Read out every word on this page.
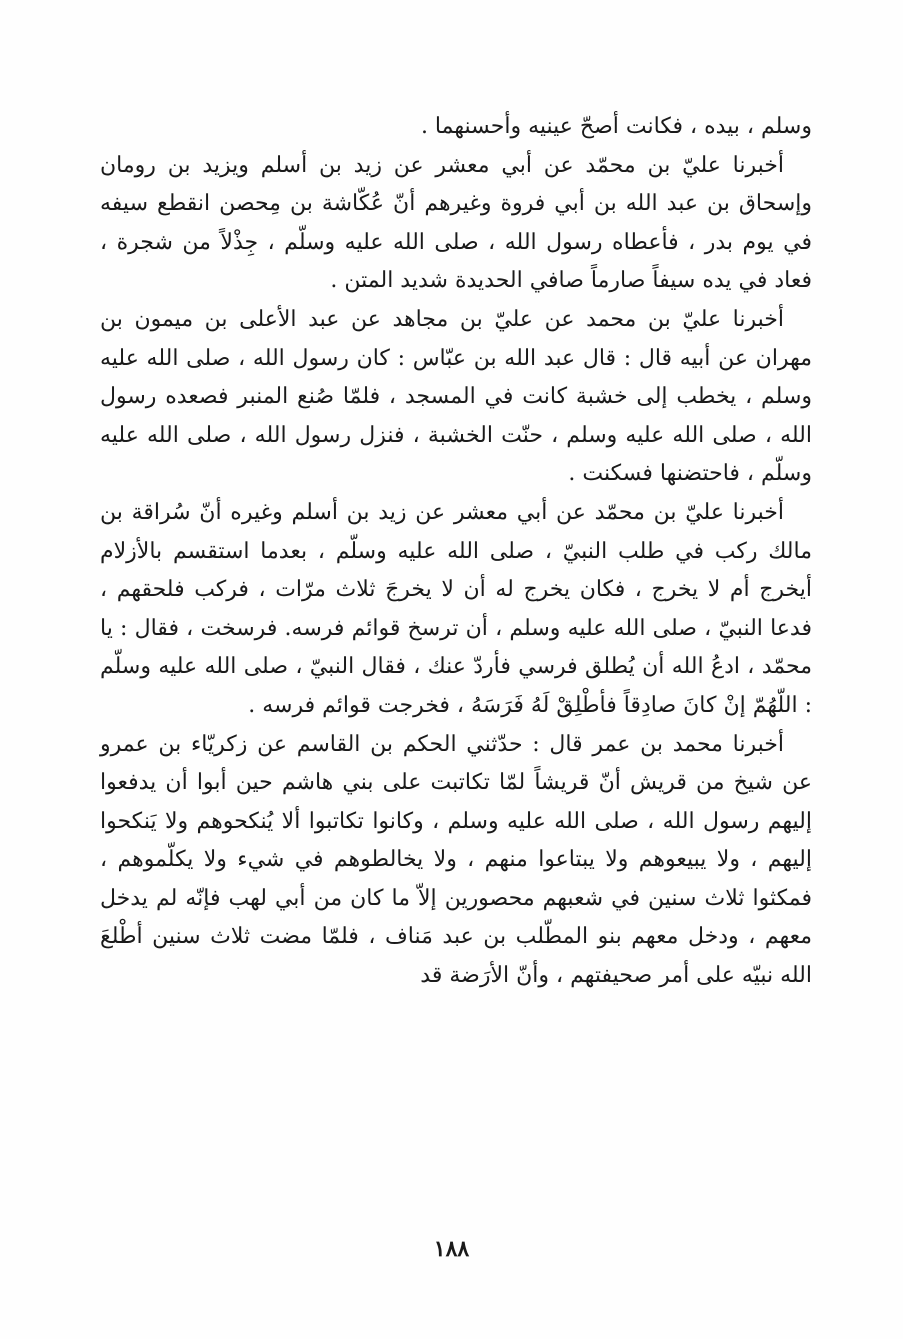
وسلم ، بيده ، فكانت أصحّ عينيه وأحسنهما .

أخبرنا عليّ بن محمّد عن أبي معشر عن زيد بن أسلم ويزيد بن رومان وإسحاق بن عبد الله بن أبي فروة وغيرهم أنّ عُكّاشة بن مِحصن انقطع سيفه في يوم بدر ، فأعطاه رسول الله ، صلى الله عليه وسلّم ، جِذْلاً من شجرة ، فعاد في يده سيفاً صارماً صافي الحديدة شديد المتن .

أخبرنا عليّ بن محمد عن عليّ بن مجاهد عن عبد الأعلى بن ميمون بن مهران عن أبيه قال : قال عبد الله بن عبّاس : كان رسول الله ، صلى الله عليه وسلم ، يخطب إلى خشبة كانت في المسجد ، فلمّا صُنع المنبر فصعده رسول الله ، صلى الله عليه وسلم ، حنّت الخشبة ، فنزل رسول الله ، صلى الله عليه وسلّم ، فاحتضنها فسكنت .

أخبرنا عليّ بن محمّد عن أبي معشر عن زيد بن أسلم وغيره أنّ سُراقة بن مالك ركب في طلب النبيّ ، صلى الله عليه وسلّم ، بعدما استقسم بالأزلام أيخرج أم لا يخرج ، فكان يخرج له أن لا يخرجَ ثلاث مرّات ، فركب فلحقهم ، فدعا النبيّ ، صلى الله عليه وسلم ، أن ترسخ قوائم فرسه. فرسخت ، فقال : يا محمّد ، ادعُ الله أن يُطلق فرسي فأردّ عنك ، فقال النبيّ ، صلى الله عليه وسلّم : اللّهُمّ إنْ كانَ صادِقاً فأطْلِقْ لَهُ فَرَسَهُ ، فخرجت قوائم فرسه .

أخبرنا محمد بن عمر قال : حدّثني الحكم بن القاسم عن زكريّاء بن عمرو عن شيخ من قريش أنّ قريشاً لمّا تكاتبت على بني هاشم حين أبوا أن يدفعوا إليهم رسول الله ، صلى الله عليه وسلم ، وكانوا تكاتبوا ألا يُنكحوهم ولا يَنكحوا إليهم ، ولا يبيعوهم ولا يبتاعوا منهم ، ولا يخالطوهم في شيء ولا يكلّموهم ، فمكثوا ثلاث سنين في شعبهم محصورين إلاّ ما كان من أبي لهب فإنّه لم يدخل معهم ، ودخل معهم بنو المطّلب بن عبد مَناف ، فلمّا مضت ثلاث سنين أطْلعَ الله نبيّه على أمر صحيفتهم ، وأنّ الأرَضة قد

١٨٨
